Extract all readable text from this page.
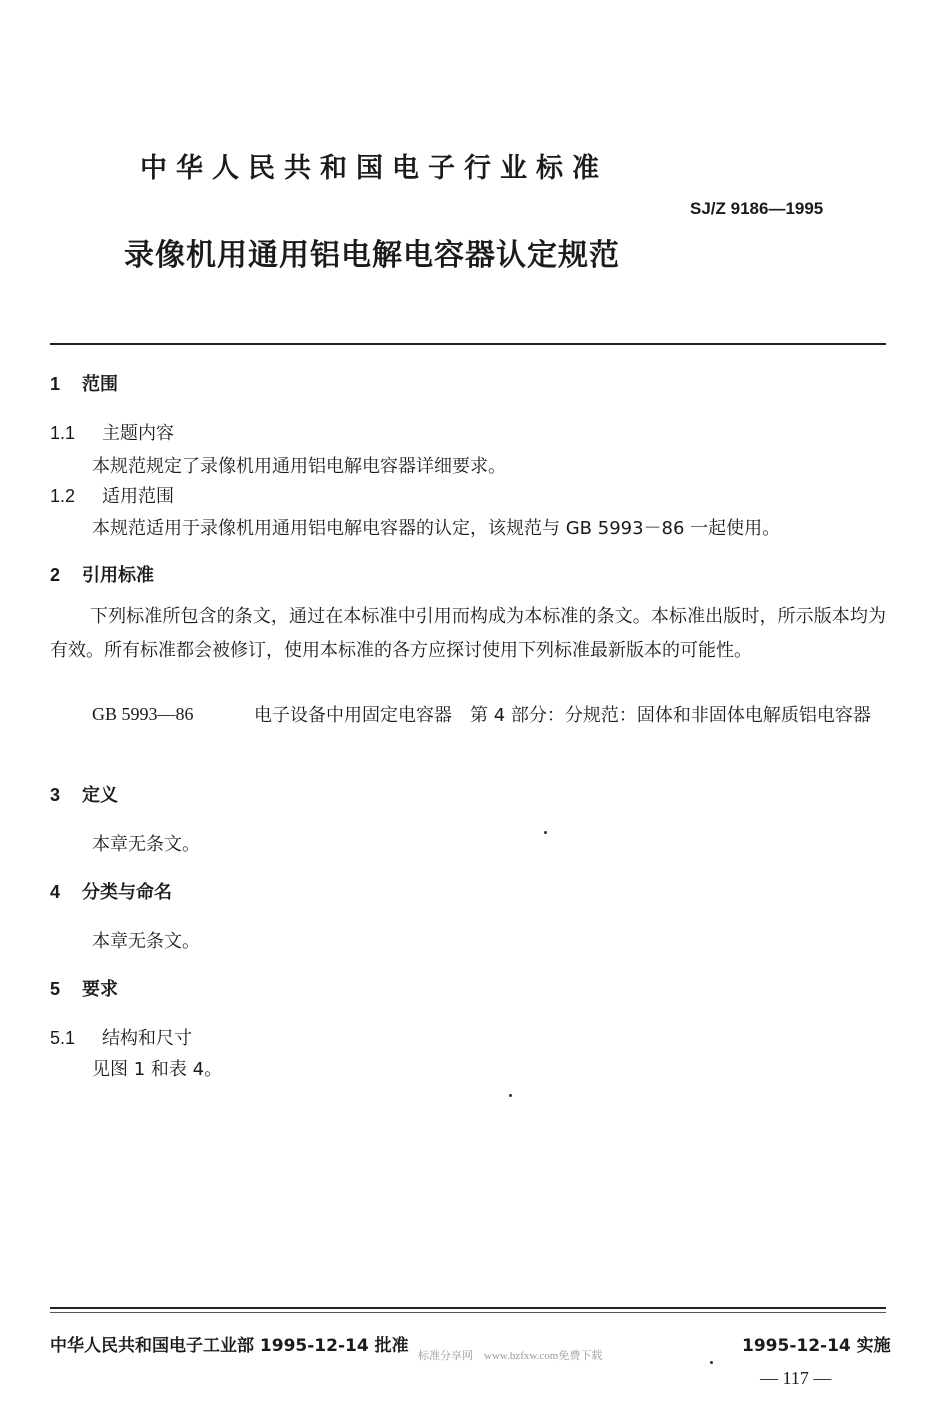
中华人民共和国电子行业标准
SJ/Z 9186—1995
录像机用通用铝电解电容器认定规范
1 范围
1.1 主题内容
本规范规定了录像机用通用铝电解电容器详细要求。
1.2 适用范围
本规范适用于录像机用通用铝电解电容器的认定，该规范与 GB 5993－86 一起使用。
2 引用标准
下列标准所包含的条文，通过在本标准中引用而构成为本标准的条文。本标准出版时，所示版本均为有效。所有标准都会被修订，使用本标准的各方应探讨使用下列标准最新版本的可能性。
GB 5993—86	电子设备中用固定电容器　第 4 部分：分规范：固体和非固体电解质铝电容器
3 定义
本章无条文。
4 分类与命名
本章无条文。
5 要求
5.1 结构和尺寸
见图 1 和表 4。
中华人民共和国电子工业部 1995-12-14 批准	1995-12-14 实施
标准分享网　www.bzfxw.com免费下载
— 117 —
